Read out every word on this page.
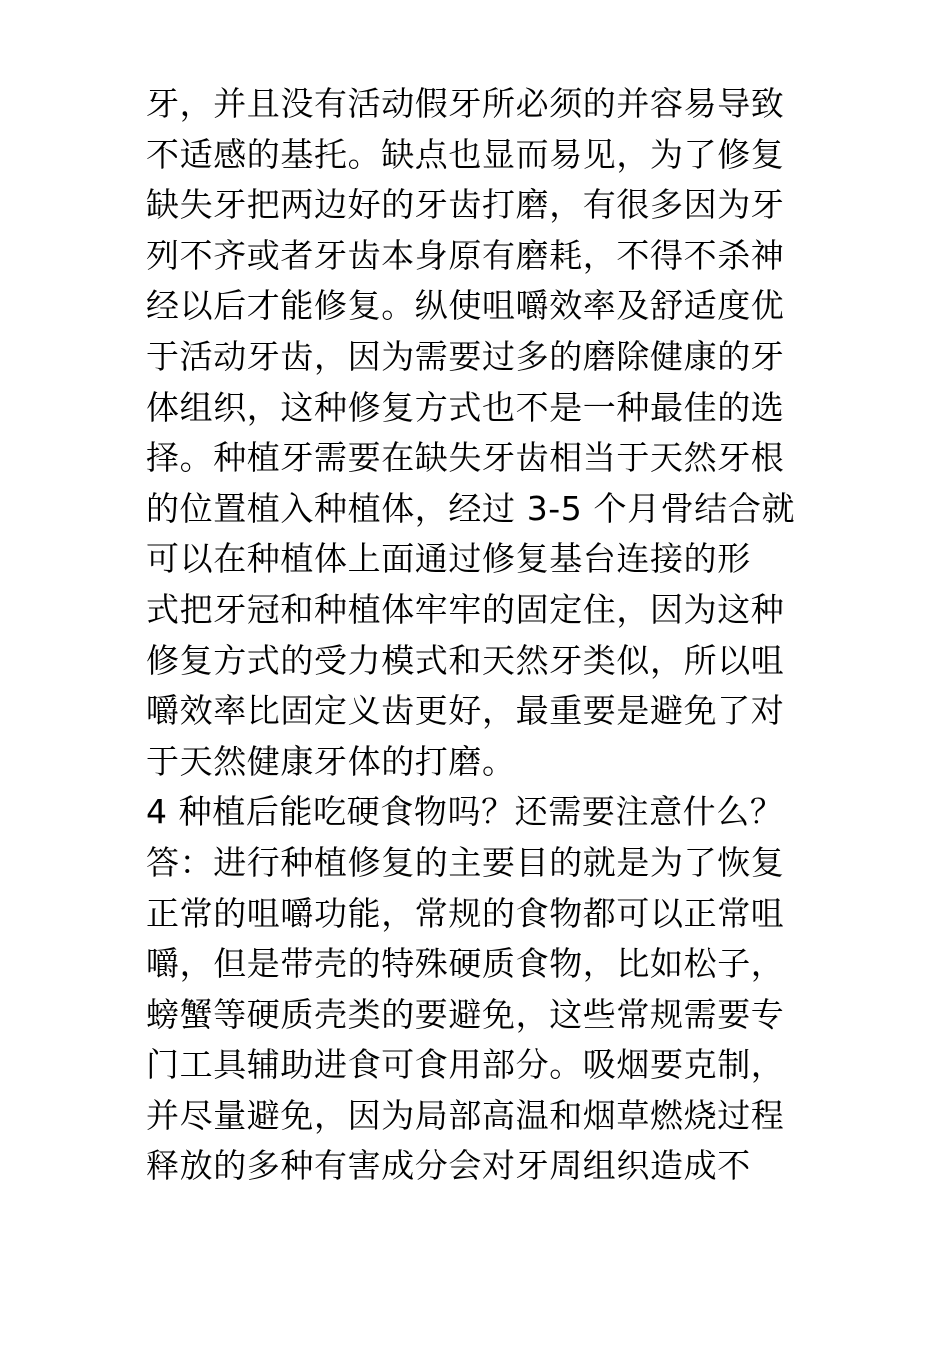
牙，并且没有活动假牙所必须的并容易导致
不适感的基托。缺点也显而易见，为了修复
缺失牙把两边好的牙齿打磨，有很多因为牙
列不齐或者牙齿本身原有磨耗，不得不杀神
经以后才能修复。纵使咀嚼效率及舒适度优
于活动牙齿，因为需要过多的磨除健康的牙
体组织，这种修复方式也不是一种最佳的选
择。种植牙需要在缺失牙齿相当于天然牙根
的位置植入种植体，经过 3-5 个月骨结合就
可以在种植体上面通过修复基台连接的形
式把牙冠和种植体牢牢的固定住，因为这种
修复方式的受力模式和天然牙类似，所以咀
嚼效率比固定义齿更好，最重要是避免了对
于天然健康牙体的打磨。
4 种植后能吃硬食物吗？还需要注意什么？
答：进行种植修复的主要目的就是为了恢复
正常的咀嚼功能，常规的食物都可以正常咀
嚼，但是带壳的特殊硬质食物，比如松子，
螃蟹等硬质壳类的要避免，这些常规需要专
门工具辅助进食可食用部分。吸烟要克制，
并尽量避免，因为局部高温和烟草燃烧过程
释放的多种有害成分会对牙周组织造成不
